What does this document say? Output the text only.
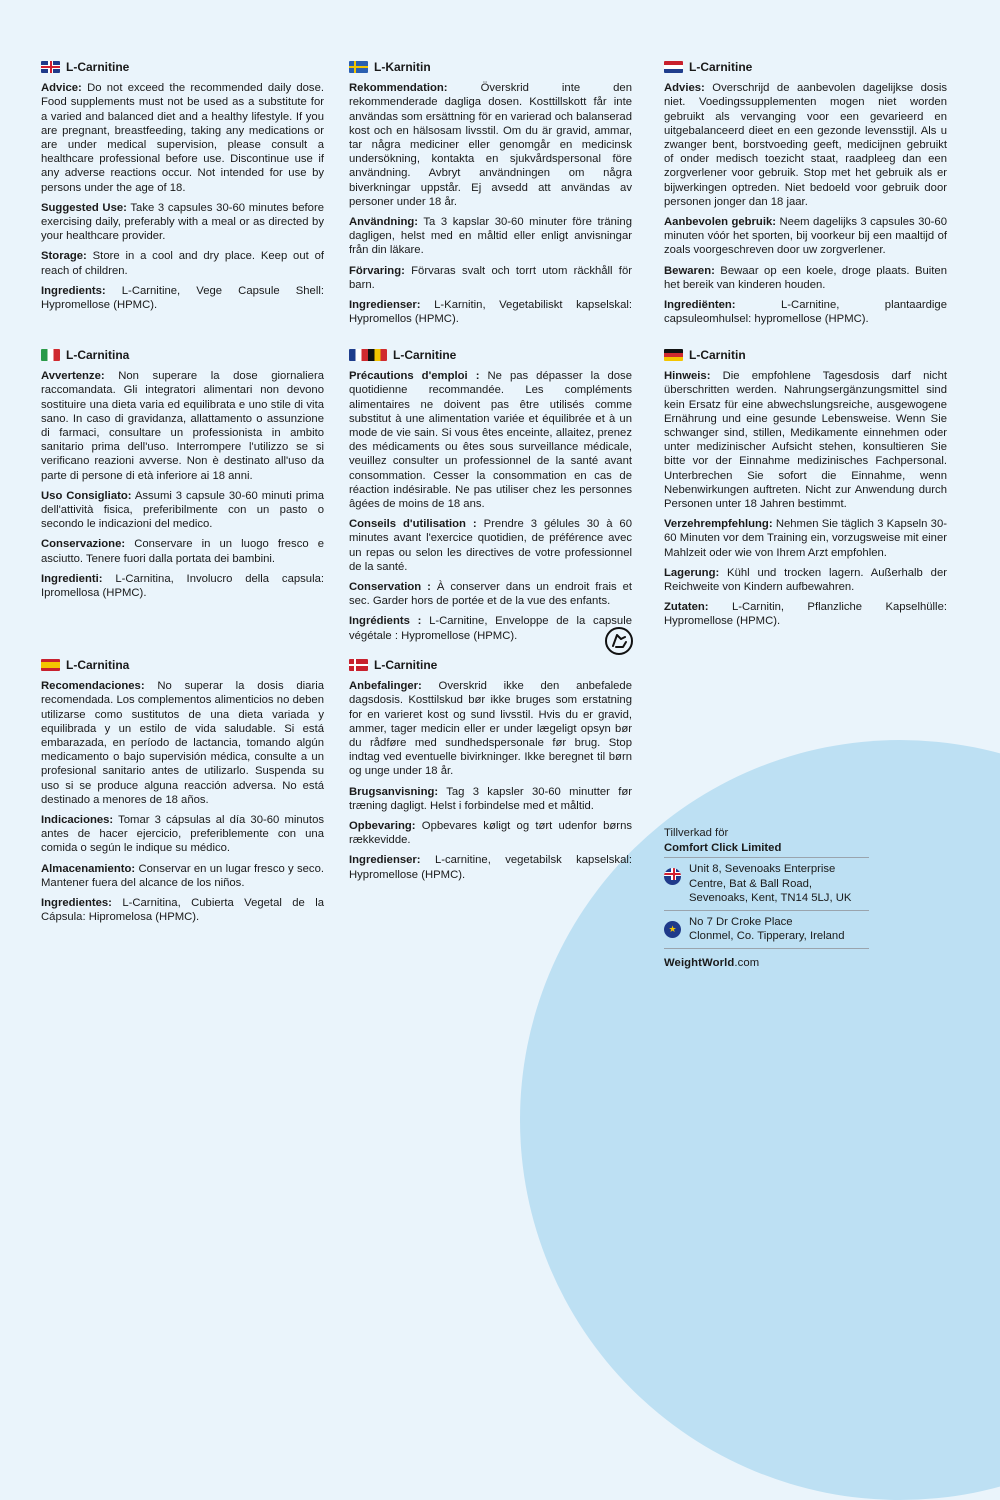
L-Carnitine

Advice: Do not exceed the recommended daily dose. Food supplements must not be used as a substitute for a varied and balanced diet and a healthy lifestyle. If you are pregnant, breastfeeding, taking any medications or are under medical supervision, please consult a healthcare professional before use. Discontinue use if any adverse reactions occur. Not intended for use by persons under the age of 18.

Suggested Use: Take 3 capsules 30-60 minutes before exercising daily, preferably with a meal or as directed by your healthcare provider.

Storage: Store in a cool and dry place. Keep out of reach of children.

Ingredients: L-Carnitine, Vege Capsule Shell: Hypromellose (HPMC).

L-Karnitin

Rekommendation: Överskrid inte den rekommenderade dagliga dosen. Kosttillskott får inte användas som ersättning för en varierad och balanserad kost och en hälsosam livsstil. Om du är gravid, ammar, tar några mediciner eller genomgår en medicinsk undersökning, kontakta en sjukvårdspersonal före användning. Avbryt användningen om några biverkningar uppstår. Ej avsedd att användas av personer under 18 år.

Användning: Ta 3 kapslar 30-60 minuter före träning dagligen, helst med en måltid eller enligt anvisningar från din läkare.

Förvaring: Förvaras svalt och torrt utom räckhåll för barn.

Ingredienser: L-Karnitin, Vegetabiliskt kapselskal: Hypromellos (HPMC).

L-Carnitine

Advies: Overschrijd de aanbevolen dagelijkse dosis niet. Voedingssupplementen mogen niet worden gebruikt als vervanging voor een gevarieerd en uitgebalanceerd dieet en een gezonde levensstijl. Als u zwanger bent, borstvoeding geeft, medicijnen gebruikt of onder medisch toezicht staat, raadpleeg dan een zorgverlener voor gebruik. Stop met het gebruik als er bijwerkingen optreden. Niet bedoeld voor gebruik door personen jonger dan 18 jaar.

Aanbevolen gebruik: Neem dagelijks 3 capsules 30-60 minuten vóór het sporten, bij voorkeur bij een maaltijd of zoals voorgeschreven door uw zorgverlener.

Bewaren: Bewaar op een koele, droge plaats. Buiten het bereik van kinderen houden.

Ingrediënten: L-Carnitine, plantaardige capsuleomhulsel: hypromellose (HPMC).

L-Carnitina

Avvertenze: Non superare la dose giornaliera raccomandata. Gli integratori alimentari non devono sostituire una dieta varia ed equilibrata e uno stile di vita sano. In caso di gravidanza, allattamento o assunzione di farmaci, consultare un professionista in ambito sanitario prima dell'uso. Interrompere l'utilizzo se si verificano reazioni avverse. Non è destinato all'uso da parte di persone di età inferiore ai 18 anni.

Uso Consigliato: Assumi 3 capsule 30-60 minuti prima dell'attività fisica, preferibilmente con un pasto o secondo le indicazioni del medico.

Conservazione: Conservare in un luogo fresco e asciutto. Tenere fuori dalla portata dei bambini.

Ingredienti: L-Carnitina, Involucro della capsula: Ipromellosa (HPMC).

L-Carnitine

Précautions d'emploi : Ne pas dépasser la dose quotidienne recommandée. Les compléments alimentaires ne doivent pas être utilisés comme substitut à une alimentation variée et équilibrée et à un mode de vie sain. Si vous êtes enceinte, allaitez, prenez des médicaments ou êtes sous surveillance médicale, veuillez consulter un professionnel de la santé avant consommation. Cesser la consommation en cas de réaction indésirable. Ne pas utiliser chez les personnes âgées de moins de 18 ans.

Conseils d'utilisation : Prendre 3 gélules 30 à 60 minutes avant l'exercice quotidien, de préférence avec un repas ou selon les directives de votre professionnel de la santé.

Conservation : À conserver dans un endroit frais et sec. Garder hors de portée et de la vue des enfants.

Ingrédients : L-Carnitine, Enveloppe de la capsule végétale : Hypromellose (HPMC).

L-Carnitin

Hinweis: Die empfohlene Tagesdosis darf nicht überschritten werden. Nahrungsergänzungsmittel sind kein Ersatz für eine abwechslungsreiche, ausgewogene Ernährung und eine gesunde Lebensweise. Wenn Sie schwanger sind, stillen, Medikamente einnehmen oder unter medizinischer Aufsicht stehen, konsultieren Sie bitte vor der Einnahme medizinisches Fachpersonal. Unterbrechen Sie sofort die Einnahme, wenn Nebenwirkungen auftreten. Nicht zur Anwendung durch Personen unter 18 Jahren bestimmt.

Verzehrempfehlung: Nehmen Sie täglich 3 Kapseln 30-60 Minuten vor dem Training ein, vorzugsweise mit einer Mahlzeit oder wie von Ihrem Arzt empfohlen.

Lagerung: Kühl und trocken lagern. Außerhalb der Reichweite von Kindern aufbewahren.

Zutaten: L-Carnitin, Pflanzliche Kapselhülle: Hypromellose (HPMC).

L-Carnitina

Recomendaciones: No superar la dosis diaria recomendada. Los complementos alimenticios no deben utilizarse como sustitutos de una dieta variada y equilibrada y un estilo de vida saludable. Si está embarazada, en período de lactancia, tomando algún medicamento o bajo supervisión médica, consulte a un profesional sanitario antes de utilizarlo. Suspenda su uso si se produce alguna reacción adversa. No está destinado a menores de 18 años.

Indicaciones: Tomar 3 cápsulas al día 30-60 minutos antes de hacer ejercicio, preferiblemente con una comida o según le indique su médico.

Almacenamiento: Conservar en un lugar fresco y seco. Mantener fuera del alcance de los niños.

Ingredientes: L-Carnitina, Cubierta Vegetal de la Cápsula: Hipromelosa (HPMC).

L-Carnitine

Anbefalinger: Overskrid ikke den anbefalede dagsdosis. Kosttilskud bør ikke bruges som erstatning for en varieret kost og sund livsstil. Hvis du er gravid, ammer, tager medicin eller er under lægeligt opsyn bør du rådføre med sundhedspersonale før brug. Stop indtag ved eventuelle bivirkninger. Ikke beregnet til børn og unge under 18 år.

Brugsanvisning: Tag 3 kapsler 30-60 minutter før træning dagligt. Helst i forbindelse med et måltid.

Opbevaring: Opbevares køligt og tørt udenfor børns rækkevidde.

Ingredienser: L-carnitine, vegetabilsk kapselskal: Hypromellose (HPMC).

Tillverkad för
Comfort Click Limited
Unit 8, Sevenoaks Enterprise
Centre, Bat & Ball Road,
Sevenoaks, Kent, TN14 5LJ, UK
★
No 7 Dr Croke Place
Clonmel, Co. Tipperary, Ireland
WeightWorld.com
